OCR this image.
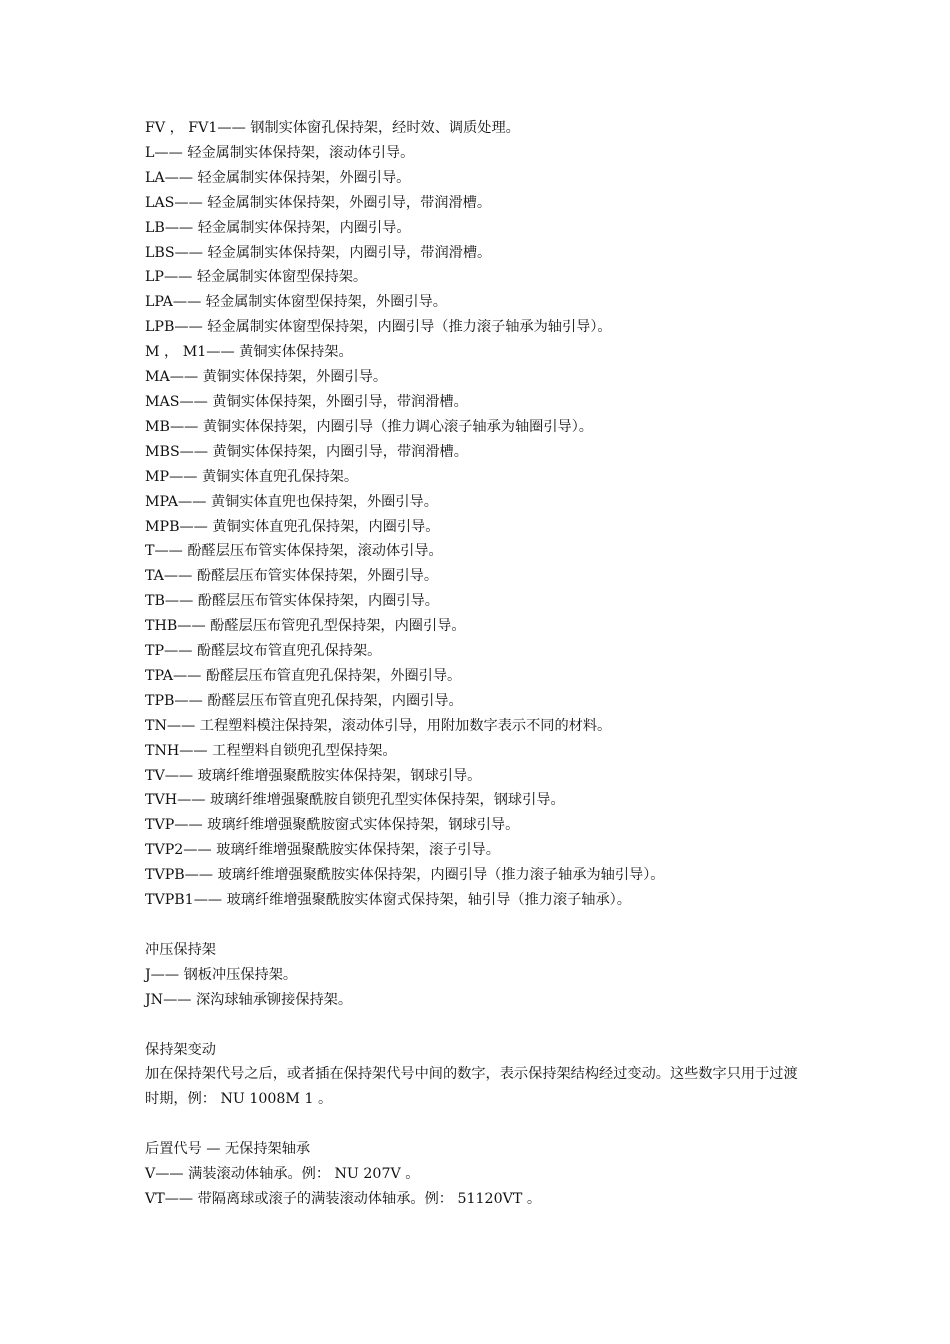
FV ， FV1—— 钢制实体窗孔保持架，经时效、调质处理。
L—— 轻金属制实体保持架，滚动体引导。
LA—— 轻金属制实体保持架，外圈引导。
LAS—— 轻金属制实体保持架，外圈引导，带润滑槽。
LB—— 轻金属制实体保持架，内圈引导。
LBS—— 轻金属制实体保持架，内圈引导，带润滑槽。
LP—— 轻金属制实体窗型保持架。
LPA—— 轻金属制实体窗型保持架，外圈引导。
LPB—— 轻金属制实体窗型保持架，内圈引导（推力滚子轴承为轴引导）。
M ， M1—— 黄铜实体保持架。
MA—— 黄铜实体保持架，外圈引导。
MAS—— 黄铜实体保持架，外圈引导，带润滑槽。
MB—— 黄铜实体保持架，内圈引导（推力调心滚子轴承为轴圈引导）。
MBS—— 黄铜实体保持架，内圈引导，带润滑槽。
MP—— 黄铜实体直兜孔保持架。
MPA—— 黄铜实体直兜也保持架，外圈引导。
MPB—— 黄铜实体直兜孔保持架，内圈引导。
T—— 酚醛层压布管实体保持架，滚动体引导。
TA—— 酚醛层压布管实体保持架，外圈引导。
TB—— 酚醛层压布管实体保持架，内圈引导。
THB—— 酚醛层压布管兜孔型保持架，内圈引导。
TP—— 酚醛层坟布管直兜孔保持架。
TPA—— 酚醛层压布管直兜孔保持架，外圈引导。
TPB—— 酚醛层压布管直兜孔保持架，内圈引导。
TN—— 工程塑料模注保持架，滚动体引导，用附加数字表示不同的材料。
TNH—— 工程塑料自锁兜孔型保持架。
TV—— 玻璃纤维增强聚酰胺实体保持架，钢球引导。
TVH—— 玻璃纤维增强聚酰胺自锁兜孔型实体保持架，钢球引导。
TVP—— 玻璃纤维增强聚酰胺窗式实体保持架，钢球引导。
TVP2—— 玻璃纤维增强聚酰胺实体保持架，滚子引导。
TVPB—— 玻璃纤维增强聚酰胺实体保持架，内圈引导（推力滚子轴承为轴引导）。
TVPB1—— 玻璃纤维增强聚酰胺实体窗式保持架，轴引导（推力滚子轴承）。
冲压保持架
J—— 钢板冲压保持架。
JN—— 深沟球轴承铆接保持架。
保持架变动
加在保持架代号之后，或者插在保持架代号中间的数字，表示保持架结构经过变动。这些数字只用于过渡时期，例： NU 1008M 1 。
后置代号 — 无保持架轴承
V—— 满装滚动体轴承。例： NU 207V 。
VT—— 带隔离球或滚子的满装滚动体轴承。例： 51120VT 。
